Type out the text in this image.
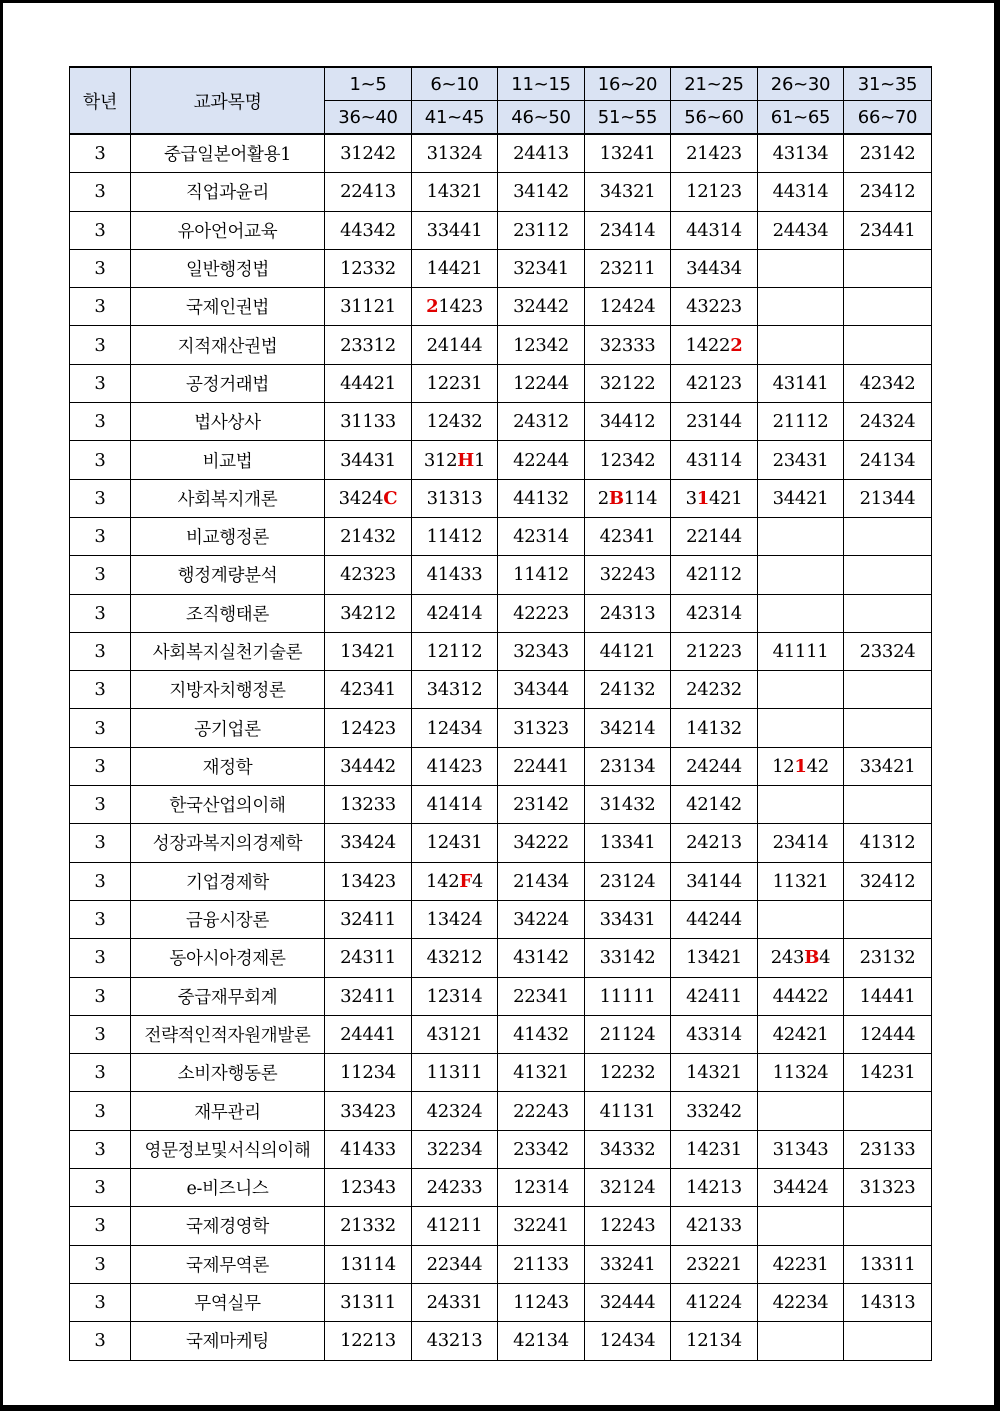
학년	교과목명	1~5	6~10	11~15	16~20	21~25	26~30	31~35
		36~40	41~45	46~50	51~55	56~60	61~65	66~70
3	중급일본어활용1	31242	31324	24413	13241	21423	43134	23142
3	직업과윤리	22413	14321	34142	34321	12123	44314	23412
3	유아언어교육	44342	33441	23112	23414	44314	24434	23441
3	일반행정법	12332	14421	32341	23211	34434		
3	국제인권법	31121	21423	32442	12424	43223		
3	지적재산권법	23312	24144	12342	32333	14222		
3	공정거래법	44421	12231	12244	32122	42123	43141	42342
3	법사상사	31133	12432	24312	34412	23144	21112	24324
3	비교법	34431	312H1	42244	12342	43114	23431	24134
3	사회복지개론	3424C	31313	44132	2B114	31421	34421	21344
3	비교행정론	21432	11412	42314	42341	22144		
3	행정계량분석	42323	41433	11412	32243	42112		
3	조직행태론	34212	42414	42223	24313	42314		
3	사회복지실천기술론	13421	12112	32343	44121	21223	41111	23324
3	지방자치행정론	42341	34312	34344	24132	24232		
3	공기업론	12423	12434	31323	34214	14132		
3	재정학	34442	41423	22441	23134	24244	12142	33421
3	한국산업의이해	13233	41414	23142	31432	42142		
3	성장과복지의경제학	33424	12431	34222	13341	24213	23414	41312
3	기업경제학	13423	142F4	21434	23124	34144	11321	32412
3	금융시장론	32411	13424	34224	33431	44244		
3	동아시아경제론	24311	43212	43142	33142	13421	243B4	23132
3	중급재무회계	32411	12314	22341	11111	42411	44422	14441
3	전략적인적자원개발론	24441	43121	41432	21124	43314	42421	12444
3	소비자행동론	11234	11311	41321	12232	14321	11324	14231
3	재무관리	33423	42324	22243	41131	33242		
3	영문정보및서식의이해	41433	32234	23342	34332	14231	31343	23133
3	e-비즈니스	12343	24233	12314	32124	14213	34424	31323
3	국제경영학	21332	41211	32241	12243	42133		
3	국제무역론	13114	22344	21133	33241	23221	42231	13311
3	무역실무	31311	24331	11243	32444	41224	42234	14313
3	국제마케팅	12213	43213	42134	12434	12134		
